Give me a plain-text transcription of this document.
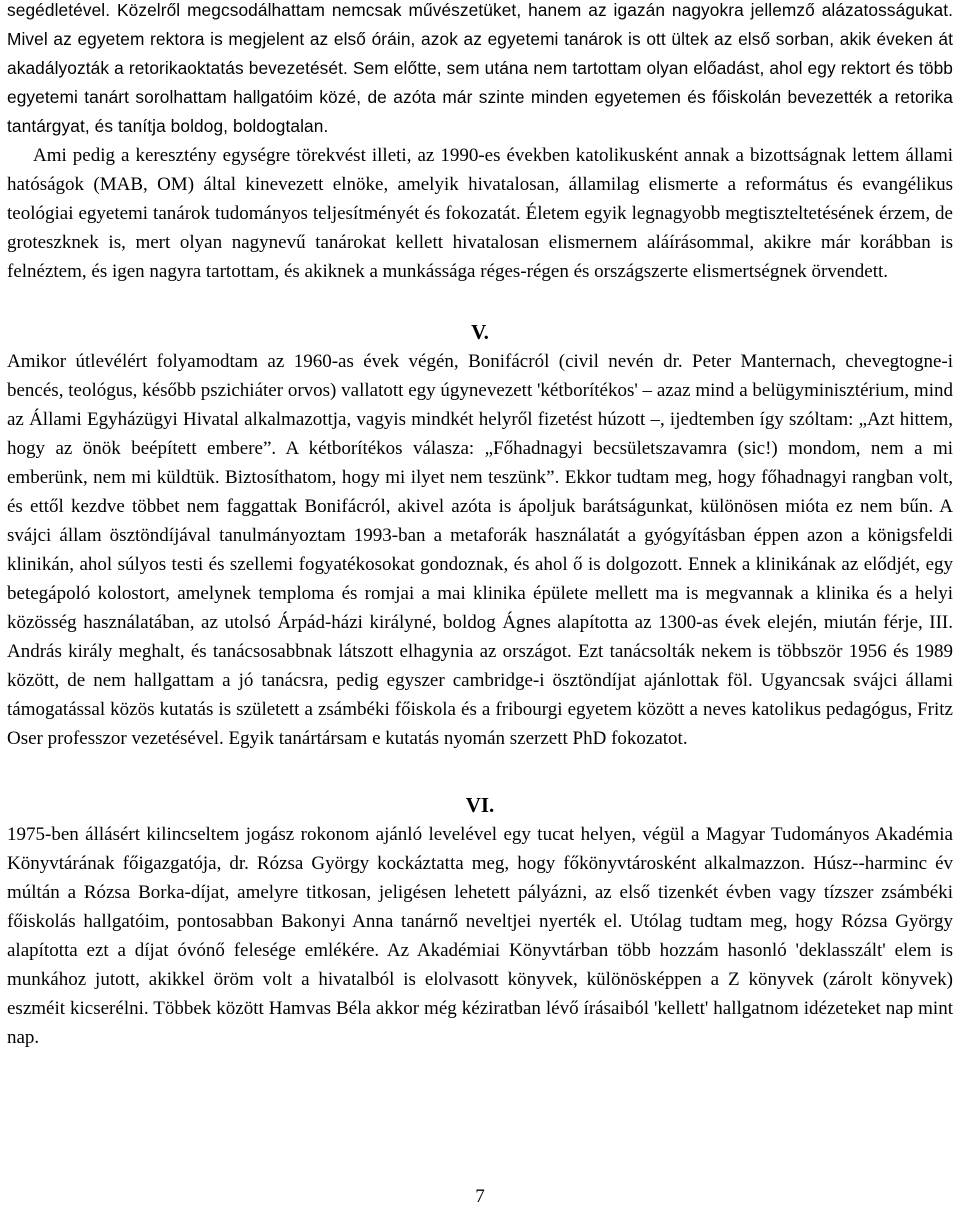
segédletével. Közelről megcsodálhattam nemcsak művészetüket, hanem az igazán nagyokra jellemző alázatosságukat. Mivel az egyetem rektora is megjelent az első óráin, azok az egyetemi tanárok is ott ültek az első sorban, akik éveken át akadályozták a retorikaoktatás bevezetését. Sem előtte, sem utána nem tartottam olyan előadást, ahol egy rektort és több egyetemi tanárt sorolhattam hallgatóim közé, de azóta már szinte minden egyetemen és főiskolán bevezették a retorika tantárgyat, és tanítja boldog, boldogtalan.

Ami pedig a keresztény egységre törekvést illeti, az 1990-es években katolikusként annak a bizottságnak lettem állami hatóságok (MAB, OM) által kinevezett elnöke, amelyik hivatalosan, államilag elismerte a református és evangélikus teológiai egyetemi tanárok tudományos teljesítményét és fokozatát. Életem egyik legnagyobb megtiszteltetésének érzem, de groteszknek is, mert olyan nagynevű tanárokat kellett hivatalosan elismernem aláírásommal, akikre már korábban is felnéztem, és igen nagyra tartottam, és akiknek a munkássága réges-régen és országszerte elismertségnek örvendett.

V.

Amikor útlevélért folyamodtam az 1960-as évek végén, Bonifácról (civil nevén dr. Peter Manternach, chevegtogne-i bencés, teológus, később pszichiáter orvos) vallatott egy úgynevezett 'kétborítékos' – azaz mind a belügyminisztérium, mind az Állami Egyházügyi Hivatal alkalmazottja, vagyis mindkét helyről fizetést húzott –, ijedtemben így szóltam: „Azt hittem, hogy az önök beépített embere”. A kétborítékos válasza: „Főhadnagyi becsületszavamra (sic!) mondom, nem a mi emberünk, nem mi küldtük. Biztosíthatom, hogy mi ilyet nem teszünk”. Ekkor tudtam meg, hogy főhadnagyi rangban volt, és ettől kezdve többet nem faggattak Bonifácról, akivel azóta is ápoljuk barátságunkat, különösen mióta ez nem bűn. A svájci állam ösztöndíjával tanulmányoztam 1993-ban a metaforák használatát a gyógyításban éppen azon a königsfeldi klinikán, ahol súlyos testi és szellemi fogyatékosokat gondoznak, és ahol ő is dolgozott. Ennek a klinikának az elődjét, egy betegápoló kolostort, amelynek temploma és romjai a mai klinika épülete mellett ma is megvannak a klinika és a helyi közösség használatában, az utolsó Árpád-házi királyné, boldog Ágnes alapította az 1300-as évek elején, miután férje, III. András király meghalt, és tanácsosabbnak látszott elhagynia az országot. Ezt tanácsolták nekem is többször 1956 és 1989 között, de nem hallgattam a jó tanácsra, pedig egyszer cambridge-i ösztöndíjat ajánlottak föl. Ugyancsak svájci állami támogatással közös kutatás is született a zsámbéki főiskola és a fribourgi egyetem között a neves katolikus pedagógus, Fritz Oser professzor vezetésével. Egyik tanártársam e kutatás nyomán szerzett PhD fokozatot.

VI.

1975-ben állásért kilincseltem jogász rokonom ajánló levelével egy tucat helyen, végül a Magyar Tudományos Akadémia Könyvtárának főigazgatója, dr. Rózsa György kockáztatta meg, hogy főkönyvtárosként alkalmazzon. Húsz--harminc év múltán a Rózsa Borka-díjat, amelyre titkosan, jeligésen lehetett pályázni, az első tizenkét évben vagy tízszer zsámbéki főiskolás hallgatóim, pontosabban Bakonyi Anna tanárnő neveltjei nyerték el. Utólag tudtam meg, hogy Rózsa György alapította ezt a díjat óvónő felesége emlékére. Az Akadémiai Könyvtárban több hozzám hasonló 'deklasszált' elem is munkához jutott, akikkel öröm volt a hivatalból is elolvasott könyvek, különösképpen a Z könyvek (zárolt könyvek) eszméit kicserélni. Többek között Hamvas Béla akkor még kéziratban lévő írásaiból 'kellett' hallgatnom idézeteket nap mint nap.

7
